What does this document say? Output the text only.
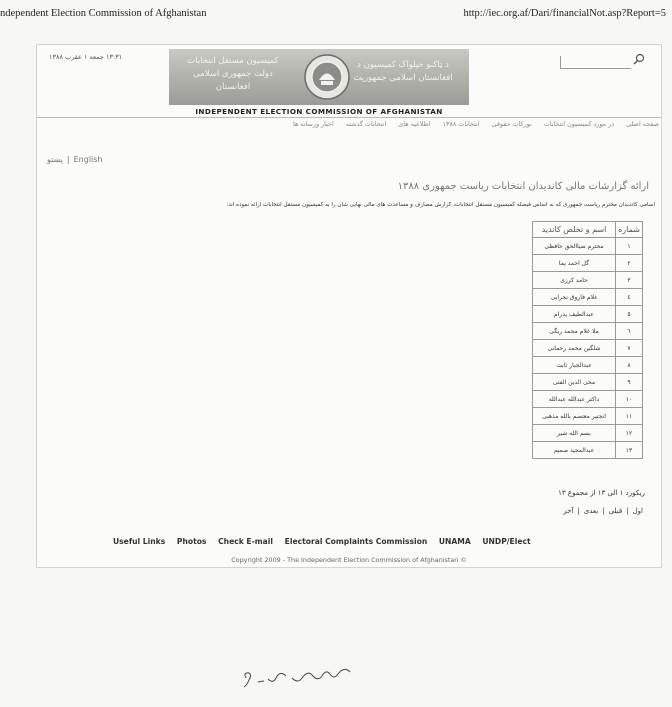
ndependent Election Commission of Afghanistan	http://iec.org.af/Dari/financialNot.asp?Report=5
۱۳:۳۱ جمعه ۱ عقرب ۱۳۸۸	کمیسیون مستقل انتخابات دولت جمهوری اسلامی افغانستان
د ټاکنو خپلواک کمیسیون د افغانستان اسلامی جمهوریت
INDEPENDENT ELECTION COMMISSION OF AFGHANISTAN
صفحه اصلی در مورد کمیسیون انتخابات بورکات حقوقی انتخابات ۱۳۸۸ اطلاعیه های انتخابات گذشته اخبار ورسانه ها
پښتو | English
ارائه گزارشات مالی کاندیدان انتخابات ریاست جمهوری ۱۳۸۸
اسامی کاندیدان محترم ریاست جمهوری که به اساس فیصله کمیسیون مستقل انتخابات، گزارش مصارف و مساعدت های مالی نهایی شان را به کمیسیون مستقل انتخابات ارائه نموده اند:
شماره	اسم و تخلص کاندید
۱	محترم ضیاالحق حافظی
۲	گل احمد یما
۳	حامد کرزی
٤	غلام فاروق نجرابی
٥	عبدالطیف پدرام
٦	ملا غلام محمد ریگی
٧	شلگین محمد رحمانی
٨	عبدالجبار ثابت
٩	محی الدین الفتی
۱۰	داکتر عبدالله عبدالله
۱۱	انجنیر معتصم بالله مذهبی
۱۲	بسم الله شیر
۱۳	عبدالمجید صمیم
ریکورد ۱ الی ۱۳ از مجموع ۱۳
اول|قبلی|بعدی|آخر
Useful Links Photos Check E-mail Electoral Complaints Commission UNAMA UNDP/Elect
Copyright 2009 - The Independent Election Commission of Afghanistan ©
